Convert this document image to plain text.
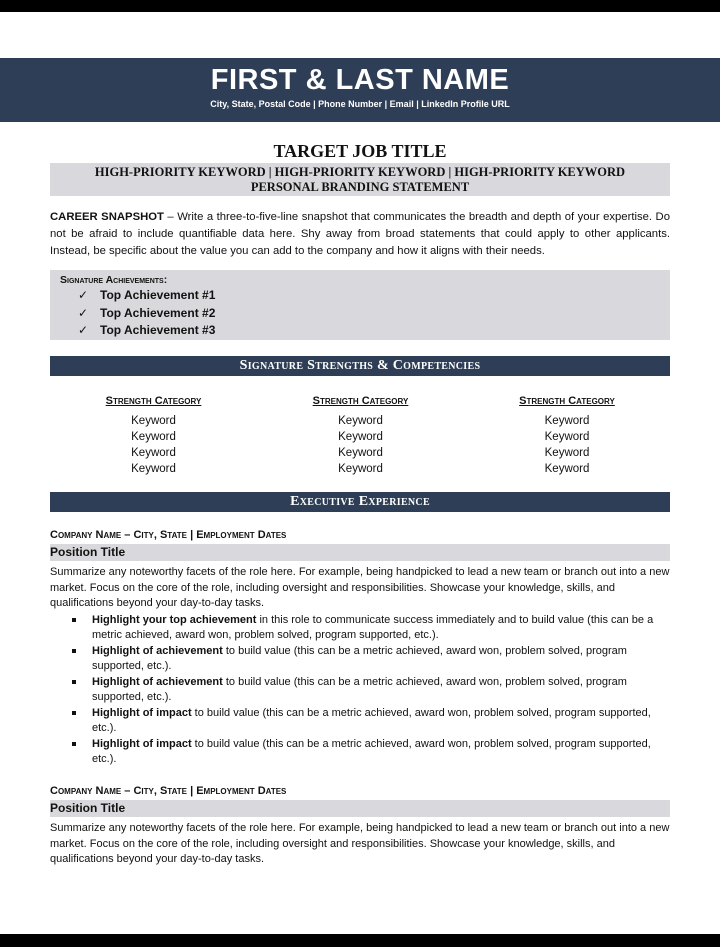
FIRST & LAST NAME
City, State, Postal Code | Phone Number | Email | LinkedIn Profile URL
TARGET JOB TITLE
HIGH-PRIORITY KEYWORD | HIGH-PRIORITY KEYWORD | HIGH-PRIORITY KEYWORD
PERSONAL BRANDING STATEMENT
CAREER SNAPSHOT – Write a three-to-five-line snapshot that communicates the breadth and depth of your expertise. Do not be afraid to include quantifiable data here. Shy away from broad statements that could apply to other applicants. Instead, be specific about the value you can add to the company and how it aligns with their needs.
Signature Achievements:
✓ Top Achievement #1
✓ Top Achievement #2
✓ Top Achievement #3
Signature Strengths & Competencies
Strength Category
Keyword
Keyword
Keyword
Keyword
Strength Category
Keyword
Keyword
Keyword
Keyword
Strength Category
Keyword
Keyword
Keyword
Keyword
Executive Experience
Company Name – City, State | Employment Dates
Position Title
Summarize any noteworthy facets of the role here. For example, being handpicked to lead a new team or branch out into a new market. Focus on the core of the role, including oversight and responsibilities. Showcase your knowledge, skills, and qualifications beyond your day-to-day tasks.
Highlight your top achievement in this role to communicate success immediately and to build value (this can be a metric achieved, award won, problem solved, program supported, etc.).
Highlight of achievement to build value (this can be a metric achieved, award won, problem solved, program supported, etc.).
Highlight of achievement to build value (this can be a metric achieved, award won, problem solved, program supported, etc.).
Highlight of impact to build value (this can be a metric achieved, award won, problem solved, program supported, etc.).
Highlight of impact to build value (this can be a metric achieved, award won, problem solved, program supported, etc.).
Company Name – City, State | Employment Dates
Position Title
Summarize any noteworthy facets of the role here. For example, being handpicked to lead a new team or branch out into a new market. Focus on the core of the role, including oversight and responsibilities. Showcase your knowledge, skills, and qualifications beyond your day-to-day tasks.
